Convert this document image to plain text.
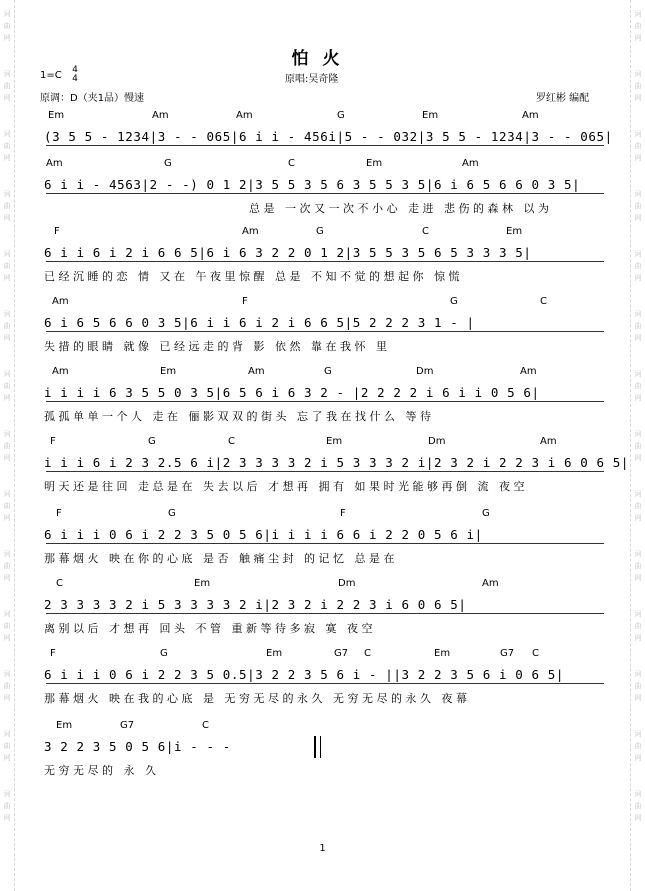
词
曲
网
词
曲
网
词
曲
网
词
曲
网
词
曲
网
词
曲
网
词
曲
网
词
曲
网
词
曲
网
词
曲
网
词
曲
网
词
曲
网
词
曲
网
词
曲
网
词
曲
网
词
曲
网
词
曲
网
词
曲
网
词
曲
网
词
曲
网
词
曲
网
词
曲
网
词
曲
网
词
曲
网
词
曲
网
词
曲
网
词
曲
网
词
曲
网
怕火
原唱:吴奇隆
1=C 4
4
原调：D（夹1品）慢速	罗红彬 编配
Em	Am	Am	G	Em	Am
(3 5 5 - 1234|3 - - 065|6 i i - 456i|5 - - 032|3 5 5 - 1234|3 - - 065|
Am	G	C	Em	Am
6 i i - 4563|2 - -) 0 1 2|3 5 5 3 5 6 3 5 5 3 5|6 i 6 5 6 6 0 3 5|
总是 一次又一次不小心 走进 悲伤的森林 以为
F	Am	G	C	Em
6 i i 6 i 2 i 6 6 5|6 i 6 3 2 2 0 1 2|3 5 5 3 5 6 5 3 3 3 5|
已经沉睡的恋 情 又在 午夜里惊醒 总是 不知不觉的想起你 惊慌
Am	F	G	C
6 i 6 5 6 6 0 3 5|6 i i 6 i 2 i 6 6 5|5 2 2 2 3 1 - |
失措的眼睛 就像 已经远走的背 影 依然 靠在我怀 里
Am	Em	Am	G	Dm	Am
i i i i 6 3 5 5 0 3 5|6 5 6 i 6 3 2 - |2 2 2 2 i 6 i i 0 5 6|
孤孤单单一个人 走在 俪影双双的街头 忘了我在找什么 等待
F	G	C	Em	Dm	Am
i i i 6 i 2 3 2.5 6 i|2 3 3 3 3 2 i 5 3 3 3 2 i|2 3 2 i 2 2 3 i 6 0 6 5|
明天还是往回 走总是在 失去以后 才想再 拥有 如果时光能够再倒 流 夜空
F	G	F	G
6 i i i 0 6 i 2 2 3 5 0 5 6|i i i i 6 6 i 2 2 0 5 6 i|
那幕烟火 映在你的心底 是否 触痛尘封 的记忆 总是在
C	Em	Dm	Am
2 3 3 3 3 2 i 5 3 3 3 3 2 i|2 3 2 i 2 2 3 i 6 0 6 5|
离别以后 才想再 回头 不管 重新等待多寂 寞 夜空
F	G	Em	G7 C	Em	G7 C
6 i i i 0 6 i 2 2 3 5 0.5|3 2 2 3 5 6 i - ||3 2 2 3 5 6 i 0 6 5|
那幕烟火 映在我的心底 是 无穷无尽的永久 无穷无尽的永久 夜幕
Em	G7	C
3 2 2 3 5 0 5 6|i - - -
无穷无尽的 永 久
1
